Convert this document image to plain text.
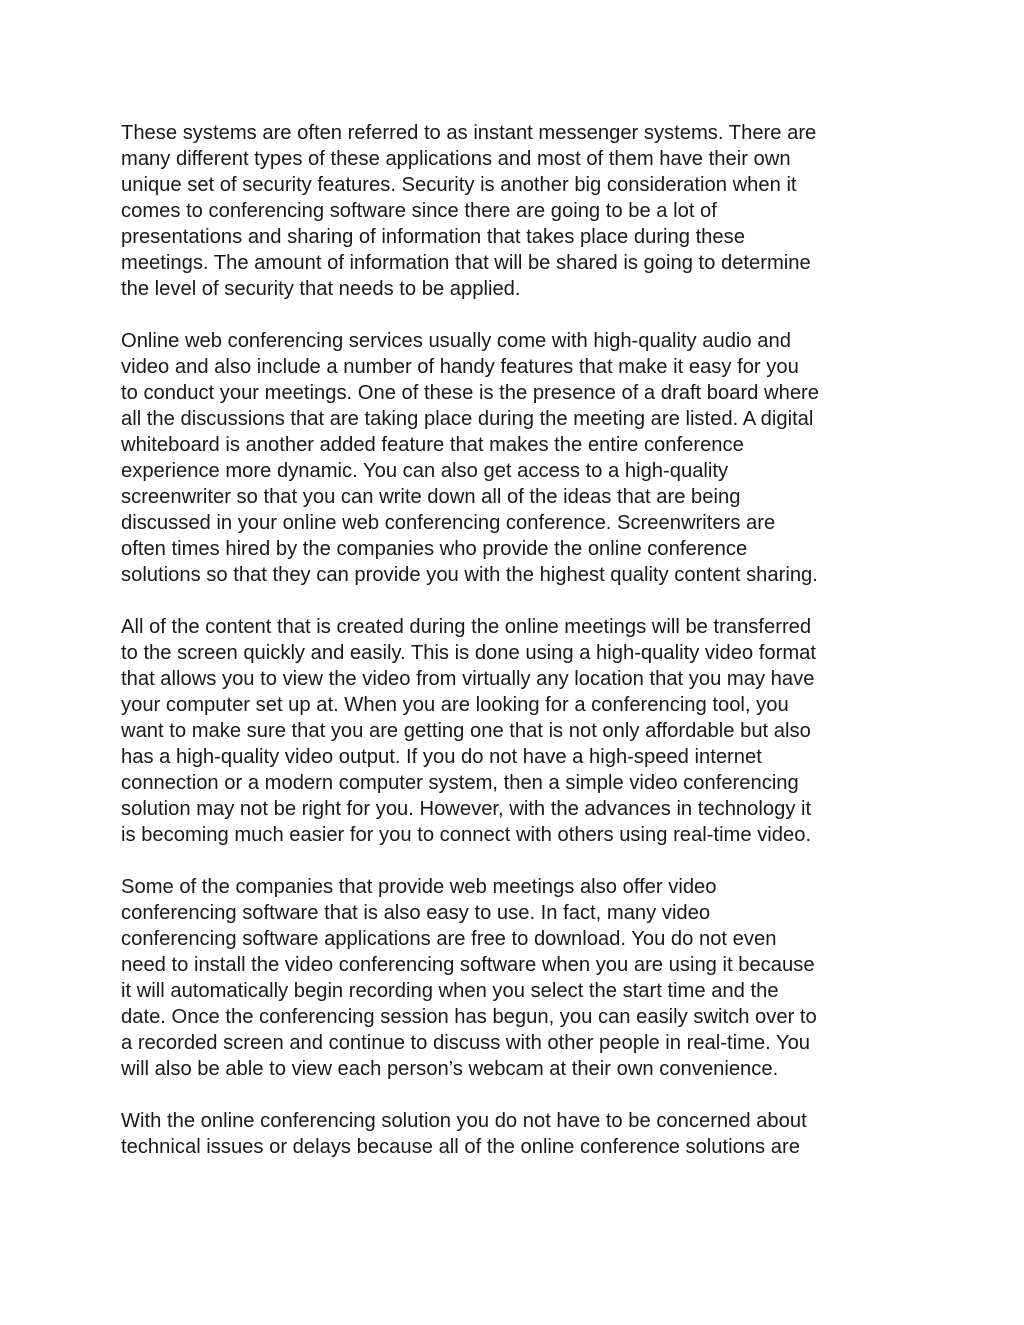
These systems are often referred to as instant messenger systems. There are
many different types of these applications and most of them have their own
unique set of security features. Security is another big consideration when it
comes to conferencing software since there are going to be a lot of
presentations and sharing of information that takes place during these
meetings. The amount of information that will be shared is going to determine
the level of security that needs to be applied.

Online web conferencing services usually come with high-quality audio and
video and also include a number of handy features that make it easy for you
to conduct your meetings. One of these is the presence of a draft board where
all the discussions that are taking place during the meeting are listed. A digital
whiteboard is another added feature that makes the entire conference
experience more dynamic. You can also get access to a high-quality
screenwriter so that you can write down all of the ideas that are being
discussed in your online web conferencing conference. Screenwriters are
often times hired by the companies who provide the online conference
solutions so that they can provide you with the highest quality content sharing.

All of the content that is created during the online meetings will be transferred
to the screen quickly and easily. This is done using a high-quality video format
that allows you to view the video from virtually any location that you may have
your computer set up at. When you are looking for a conferencing tool, you
want to make sure that you are getting one that is not only affordable but also
has a high-quality video output. If you do not have a high-speed internet
connection or a modern computer system, then a simple video conferencing
solution may not be right for you. However, with the advances in technology it
is becoming much easier for you to connect with others using real-time video.

Some of the companies that provide web meetings also offer video
conferencing software that is also easy to use. In fact, many video
conferencing software applications are free to download. You do not even
need to install the video conferencing software when you are using it because
it will automatically begin recording when you select the start time and the
date. Once the conferencing session has begun, you can easily switch over to
a recorded screen and continue to discuss with other people in real-time. You
will also be able to view each person’s webcam at their own convenience.

With the online conferencing solution you do not have to be concerned about
technical issues or delays because all of the online conference solutions are
